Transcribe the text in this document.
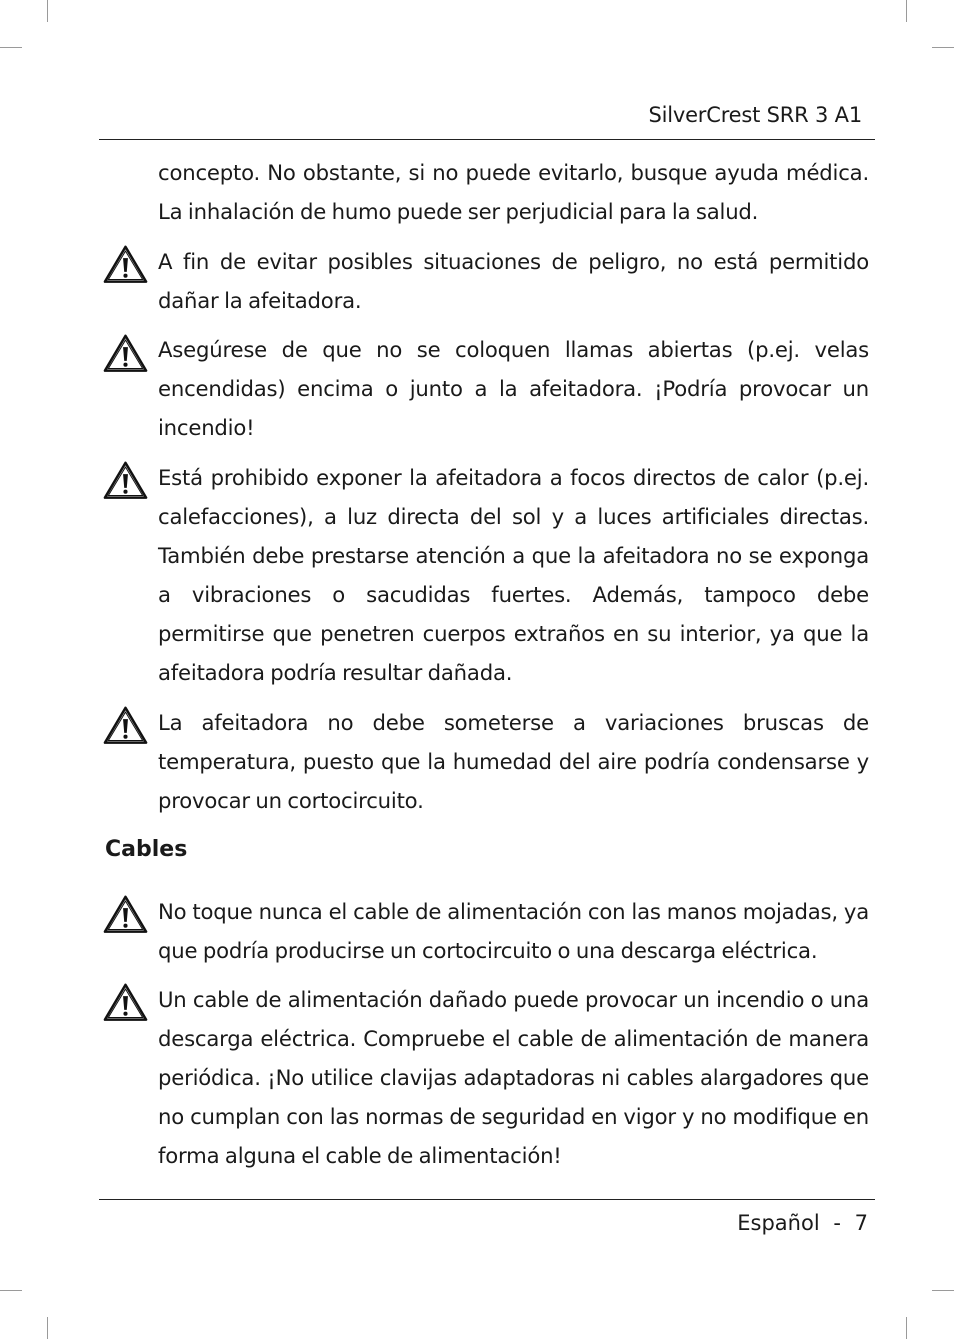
SilverCrest SRR 3 A1
concepto. No obstante, si no puede evitarlo, busque ayuda médica. La inhalación de humo puede ser perjudicial para la salud.
A fin de evitar posibles situaciones de peligro, no está permitido dañar la afeitadora.
Asegúrese de que no se coloquen llamas abiertas (p.ej. velas encendidas) encima o junto a la afeitadora. ¡Podría provocar un incendio!
Está prohibido exponer la afeitadora a focos directos de calor (p.ej. calefacciones), a luz directa del sol y a luces artificiales directas. También debe prestarse atención a que la afeitadora no se exponga a vibraciones o sacudidas fuertes. Además, tampoco debe permitirse que penetren cuerpos extraños en su interior, ya que la afeitadora podría resultar dañada.
La afeitadora no debe someterse a variaciones bruscas de temperatura, puesto que la humedad del aire podría condensarse y provocar un cortocircuito.
Cables
No toque nunca el cable de alimentación con las manos mojadas, ya que podría producirse un cortocircuito o una descarga eléctrica.
Un cable de alimentación dañado puede provocar un incendio o una descarga eléctrica. Compruebe el cable de alimentación de manera periódica. ¡No utilice clavijas adaptadoras ni cables alargadores que no cumplan con las normas de seguridad en vigor y no modifique en forma alguna el cable de alimentación!
Español - 7
